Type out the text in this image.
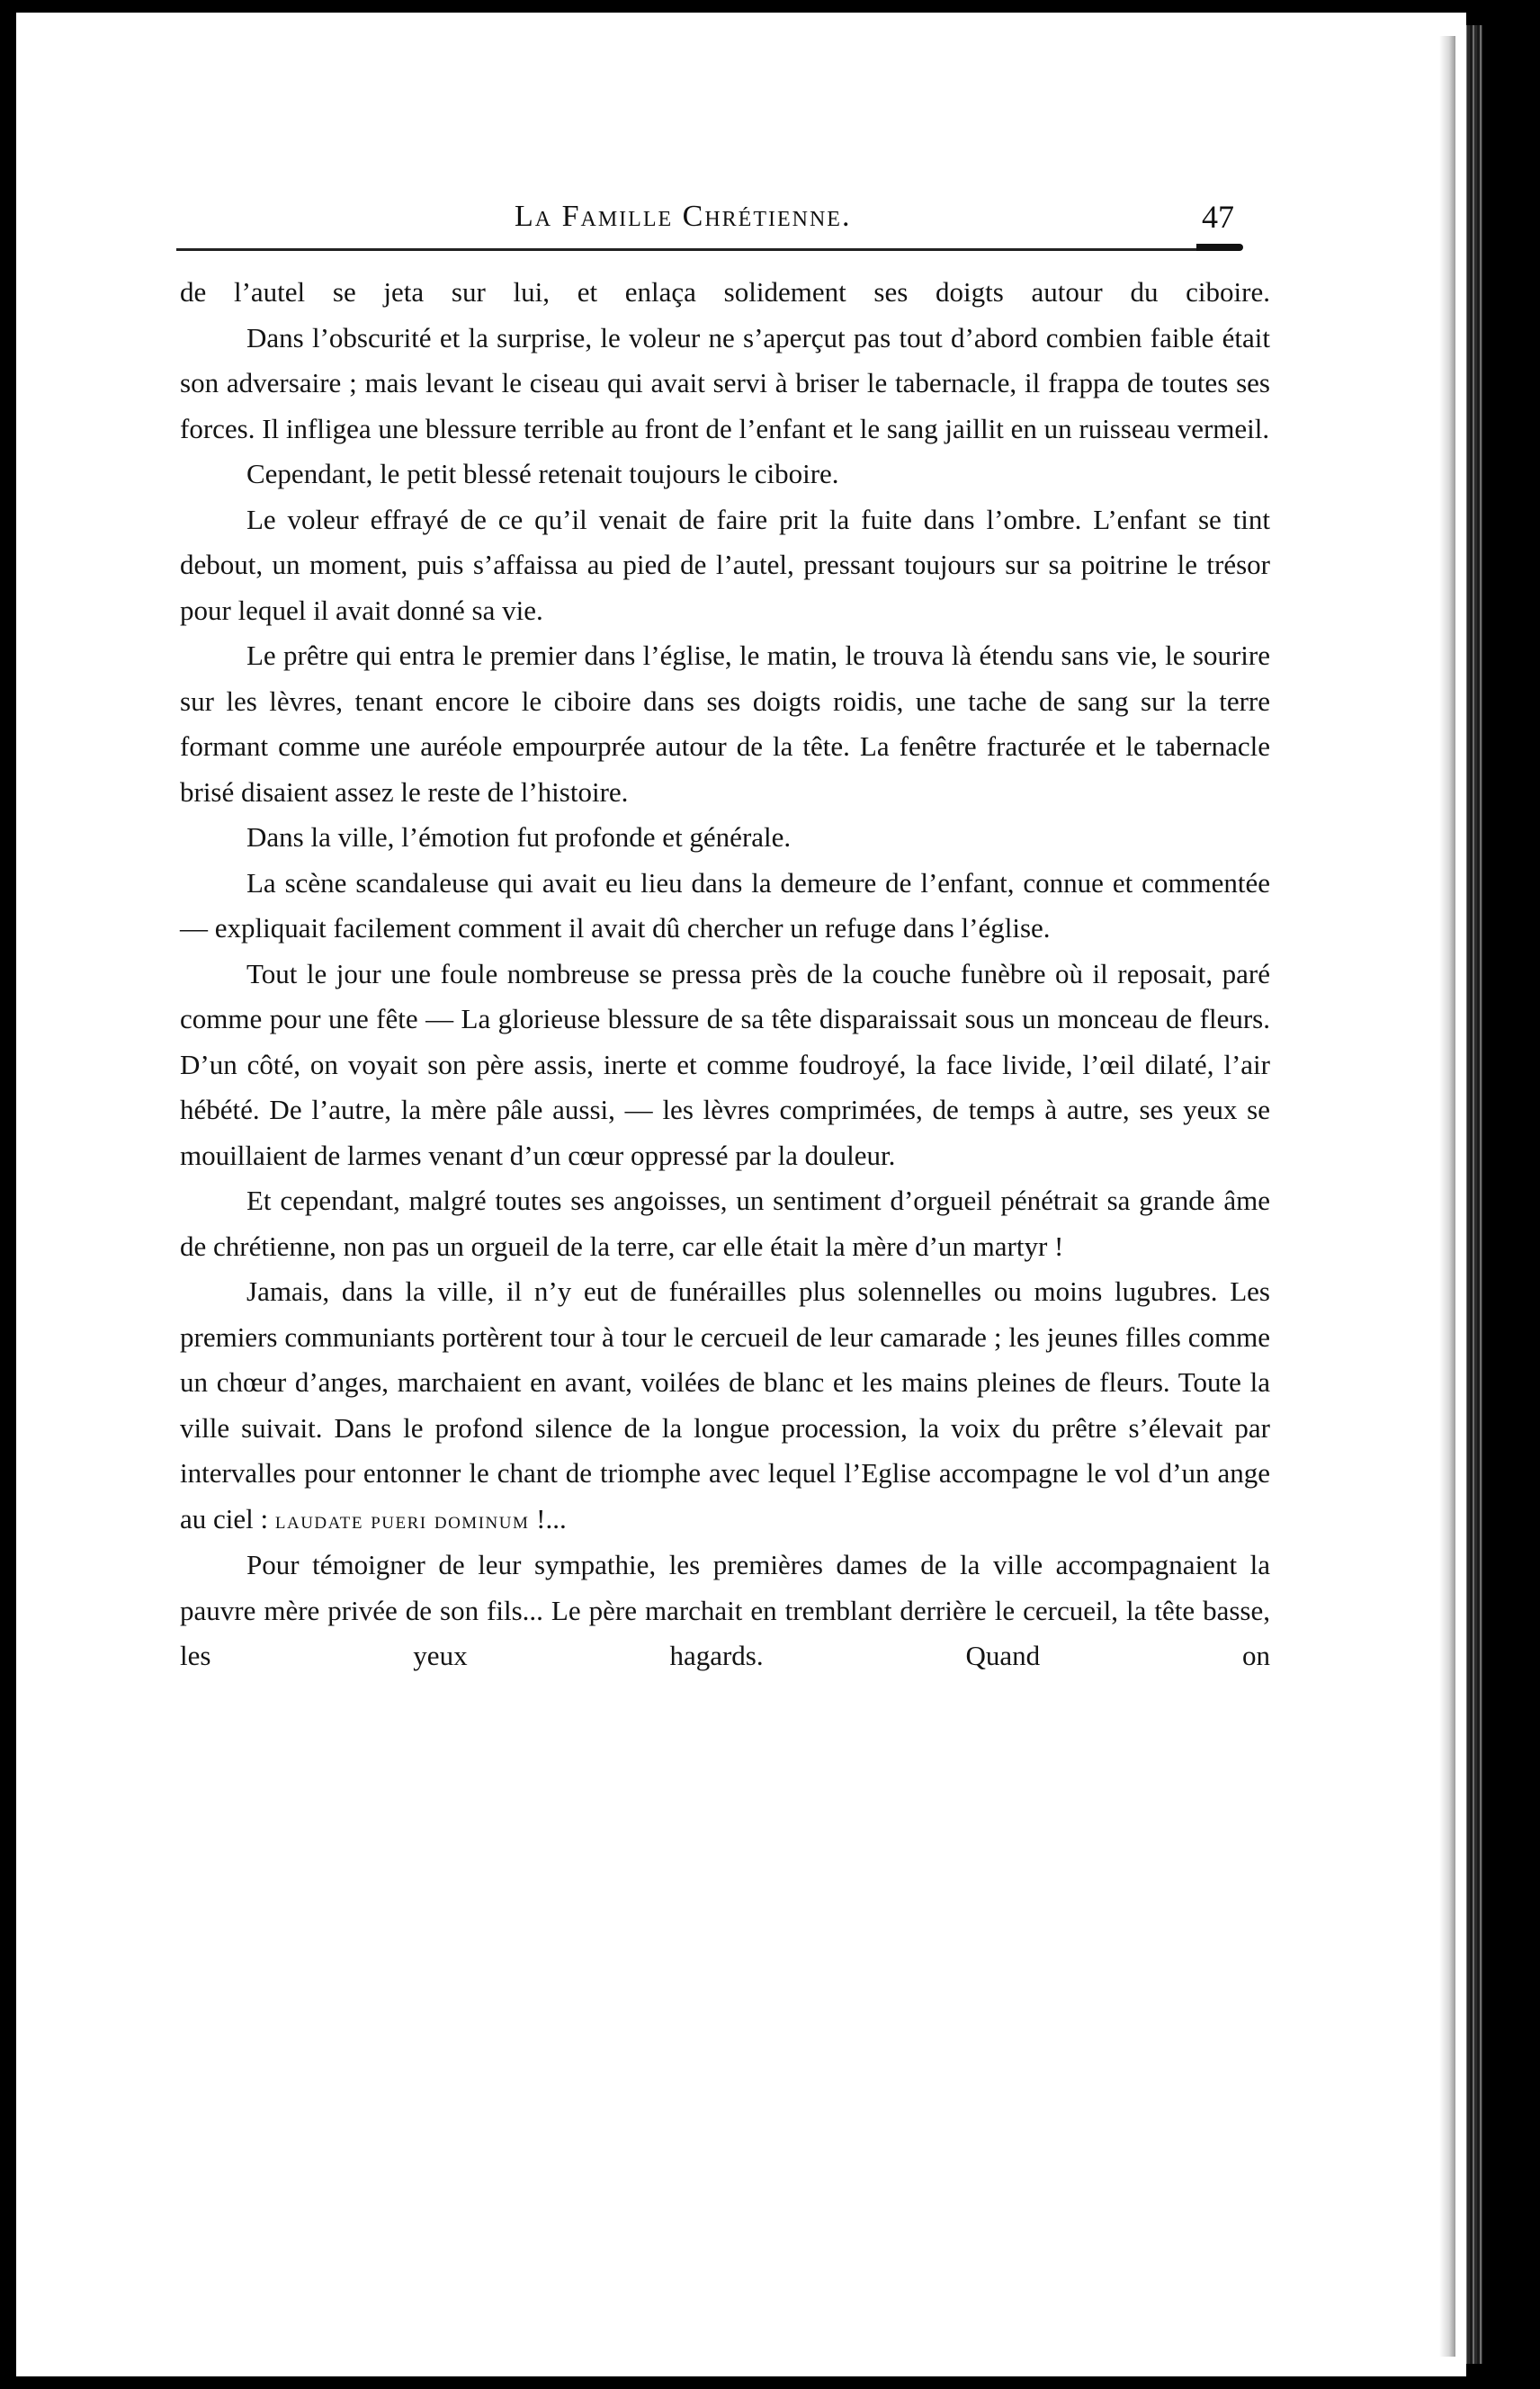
La Famille Chrétienne.	47

de l’autel se jeta sur lui, et enlaça solidement ses doigts autour du ciboire.

Dans l’obscurité et la surprise, le voleur ne s’aperçut pas tout d’abord combien faible était son adversaire ; mais levant le ciseau qui avait servi à briser le tabernacle, il frappa de toutes ses forces. Il infligea une blessure terrible au front de l’enfant et le sang jaillit en un ruisseau vermeil.

Cependant, le petit blessé retenait toujours le ciboire.

Le voleur effrayé de ce qu’il venait de faire prit la fuite dans l’ombre. L’enfant se tint debout, un moment, puis s’affaissa au pied de l’autel, pressant toujours sur sa poitrine le trésor pour lequel il avait donné sa vie.

Le prêtre qui entra le premier dans l’église, le matin, le trouva là étendu sans vie, le sourire sur les lèvres, tenant encore le ciboire dans ses doigts roidis, une tache de sang sur la terre formant comme une auréole empourprée autour de la tête. La fenêtre fracturée et le tabernacle brisé disaient assez le reste de l’histoire.

Dans la ville, l’émotion fut profonde et générale.

La scène scandaleuse qui avait eu lieu dans la demeure de l’enfant, connue et commentée — expliquait facilement comment il avait dû chercher un refuge dans l’église.

Tout le jour une foule nombreuse se pressa près de la couche funèbre où il reposait, paré comme pour une fête — La glorieuse blessure de sa tête disparaissait sous un monceau de fleurs. D’un côté, on voyait son père assis, inerte et comme foudroyé, la face livide, l’œil dilaté, l’air hébété. De l’autre, la mère pâle aussi, — les lèvres comprimées, de temps à autre, ses yeux se mouillaient de larmes venant d’un cœur oppressé par la douleur.

Et cependant, malgré toutes ses angoisses, un sentiment d’orgueil pénétrait sa grande âme de chrétienne, non pas un orgueil de la terre, car elle était la mère d’un martyr !

Jamais, dans la ville, il n’y eut de funérailles plus solennelles ou moins lugubres. Les premiers communiants portèrent tour à tour le cercueil de leur camarade ; les jeunes filles comme un chœur d’anges, marchaient en avant, voilées de blanc et les mains pleines de fleurs. Toute la ville suivait. Dans le profond silence de la longue procession, la voix du prêtre s’élevait par intervalles pour entonner le chant de triomphe avec lequel l’Eglise accompagne le vol d’un ange au ciel : laudate pueri dominum !...

Pour témoigner de leur sympathie, les premières dames de la ville accompagnaient la pauvre mère privée de son fils... Le père marchait en tremblant derrière le cercueil, la tête basse, les yeux hagards. Quand on
